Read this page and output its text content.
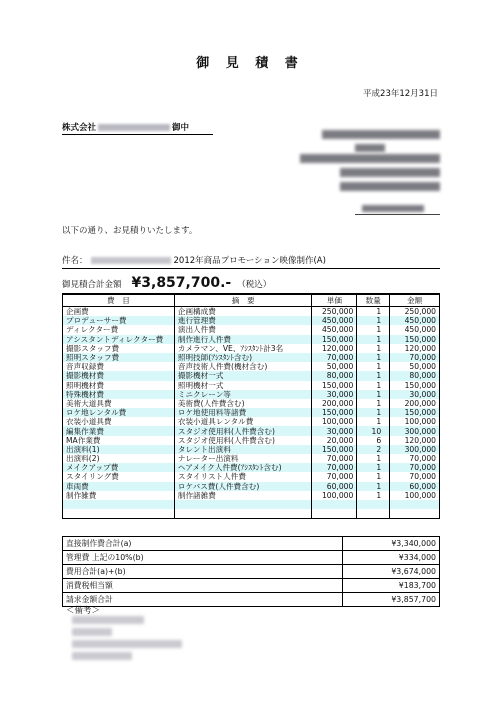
御 見 積 書
平成23年12月31日
株式会社	御中
以下の通り、お見積りいたします。
件名：	2012年商品プロモーション映像制作(A)
御見積合計金額 ¥3,857,700.- （税込）
費　目	摘　要	単価	数量	金額
企画費	企画構成費	250,000	1	250,000
プロデューサー費	進行管理費	450,000	1	450,000
ディレクター費	演出人件費	450,000	1	450,000
アシスタントディレクター費	制作進行人件費	150,000	1	150,000
撮影スタッフ費	カメラマン、VE、ｱｼｽﾀﾝﾄ計3名	120,000	1	120,000
照明スタッフ費	照明技師(ｱｼｽﾀﾝﾄ含む)	70,000	1	70,000
音声収録費	音声技術人件費(機材含む)	50,000	1	50,000
撮影機材費	撮影機材一式	80,000	1	80,000
照明機材費	照明機材一式	150,000	1	150,000
特殊機材費	ミニクレーン等	30,000	1	30,000
美術大道具費	美術費(人件費含む)	200,000	1	200,000
ロケ地レンタル費	ロケ地使用料等諸費	150,000	1	150,000
衣装小道具費	衣装小道具レンタル費	100,000	1	100,000
編集作業費	スタジオ使用料(人件費含む)	30,000	10	300,000
MA作業費	スタジオ使用料(人件費含む)	20,000	6	120,000
出演料(1)	タレント出演料	150,000	2	300,000
出演料(2)	ナレーター出演料	70,000	1	70,000
メイクアップ費	ヘアメイク人件費(ｱｼｽﾀﾝﾄ含む)	70,000	1	70,000
スタイリング費	スタイリスト人件費	70,000	1	70,000
車両費	ロケバス費(人件費含む)	60,000	1	60,000
制作雑費	制作諸雑費	100,000	1	100,000

直接制作費合計(a)	¥3,340,000
管理費 上記の10%(b)	¥334,000
費用合計(a)+(b)	¥3,674,000
消費税相当額	¥183,700
請求金額合計	¥3,857,700
＜備考＞
